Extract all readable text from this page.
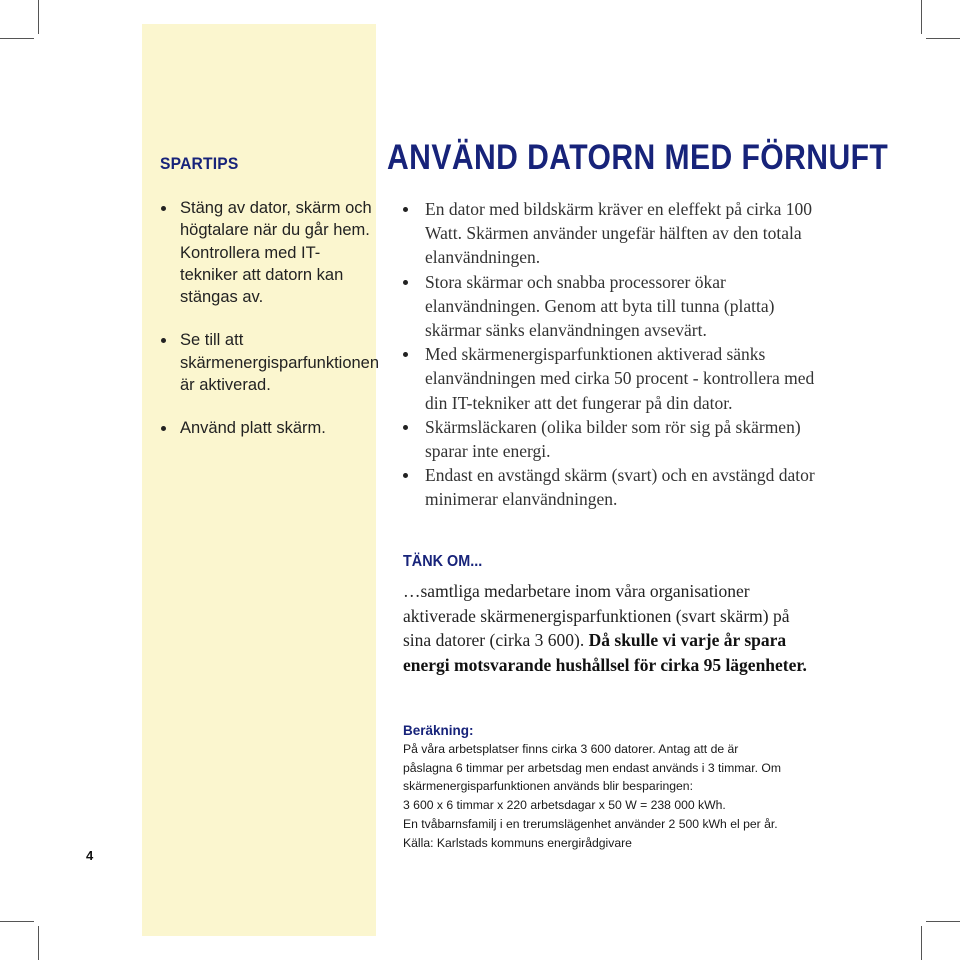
SPARTIPS
Stäng av dator, skärm och högtalare när du går hem. Kontrollera med IT-tekniker att datorn kan stängas av.
Se till att skärmenergisparfunktionen är aktiverad.
Använd platt skärm.
ANVÄND DATORN MED FÖRNUFT
En dator med bildskärm kräver en eleffekt på cirka 100 Watt. Skärmen använder ungefär hälften av den totala elanvändningen.
Stora skärmar och snabba processorer ökar elanvändningen. Genom att byta till tunna (platta) skärmar sänks elanvändningen avsevärt.
Med skärmenergisparfunktionen aktiverad sänks elanvändningen med cirka 50 procent - kontrollera med din IT-tekniker att det fungerar på din dator.
Skärmsläckaren (olika bilder som rör sig på skärmen) sparar inte energi.
Endast en avstängd skärm (svart) och en avstängd dator minimerar elanvändningen.
TÄNK OM...
…samtliga medarbetare inom våra organisationer aktiverade skärmenergisparfunktionen (svart skärm) på sina datorer (cirka 3 600). Då skulle vi varje år spara energi motsvarande hushållsel för cirka 95 lägenheter.
Beräkning:
På våra arbetsplatser finns cirka 3 600 datorer. Antag att de är
påslagna 6 timmar per arbetsdag men endast används i 3 timmar. Om
skärmenergisparfunktionen används blir besparingen:
3 600 x 6 timmar x 220 arbetsdagar x 50 W = 238 000 kWh.
En tvåbarnsfamilj i en trerumslägenhet använder 2 500 kWh el per år.
Källa: Karlstads kommuns energirådgivare
4
